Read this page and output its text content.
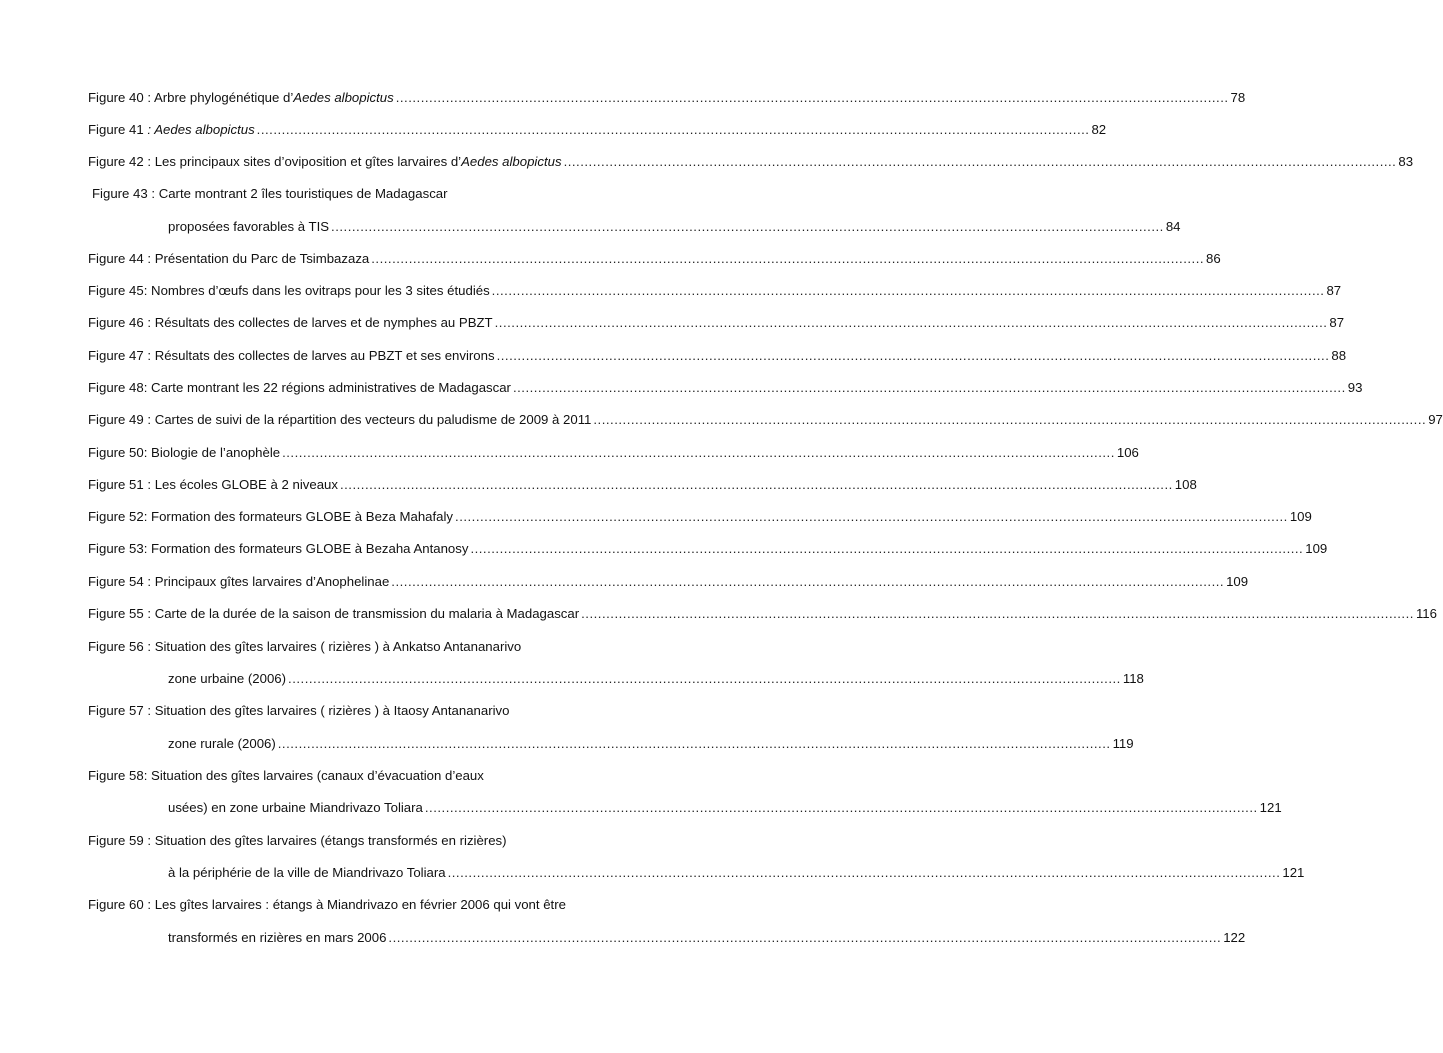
Figure 40 : Arbre phylogénétique d’Aedes albopictus ........................................................................................................................................................................................................ 78
Figure 41 : Aedes albopictus ........................................................................................................................................................................................................ 82
Figure 42 : Les principaux sites d’oviposition et gîtes larvaires d’Aedes albopictus ........................................................................................................................................................................................................ 83
Figure 43 : Carte montrant 2 îles touristiques de Madagascar
proposées favorables à TIS ........................................................................................................................................................................................................ 84
Figure 44 : Présentation du Parc de Tsimbazaza ........................................................................................................................................................................................................ 86
Figure 45: Nombres d’œufs dans les ovitraps pour les 3 sites étudiés ........................................................................................................................................................................................................ 87
Figure 46 : Résultats des collectes de larves et de nymphes au PBZT ........................................................................................................................................................................................................ 87
Figure 47 : Résultats des collectes de larves au PBZT et ses environs ........................................................................................................................................................................................................ 88
Figure 48: Carte montrant les 22 régions administratives de Madagascar ........................................................................................................................................................................................................ 93
Figure 49 : Cartes de suivi de la répartition des vecteurs du paludisme de 2009 à 2011 ........................................................................................................................................................................................................ 97
Figure 50: Biologie de l’anophèle ........................................................................................................................................................................................................ 106
Figure 51 : Les écoles GLOBE à 2 niveaux ........................................................................................................................................................................................................ 108
Figure 52: Formation des formateurs GLOBE à Beza Mahafaly ........................................................................................................................................................................................................ 109
Figure 53: Formation des formateurs GLOBE à Bezaha Antanosy ........................................................................................................................................................................................................ 109
Figure 54 : Principaux gîtes larvaires d’Anophelinae ........................................................................................................................................................................................................ 109
Figure 55 : Carte de la durée de la saison de transmission du malaria à Madagascar ........................................................................................................................................................................................................ 116
Figure 56 : Situation des gîtes larvaires ( rizières ) à Ankatso Antananarivo
zone urbaine (2006) ........................................................................................................................................................................................................ 118
Figure 57 : Situation des gîtes larvaires ( rizières ) à Itaosy Antananarivo
zone rurale (2006) ........................................................................................................................................................................................................ 119
Figure 58: Situation des gîtes larvaires (canaux d’évacuation d’eaux
usées) en zone urbaine Miandrivazo Toliara ........................................................................................................................................................................................................ 121
Figure 59 : Situation des gîtes larvaires (étangs transformés en rizières)
à la périphérie de la ville de Miandrivazo Toliara ........................................................................................................................................................................................................ 121
Figure 60 : Les gîtes larvaires : étangs à Miandrivazo en février 2006 qui vont être
transformés en rizières en mars 2006 ........................................................................................................................................................................................................ 122
